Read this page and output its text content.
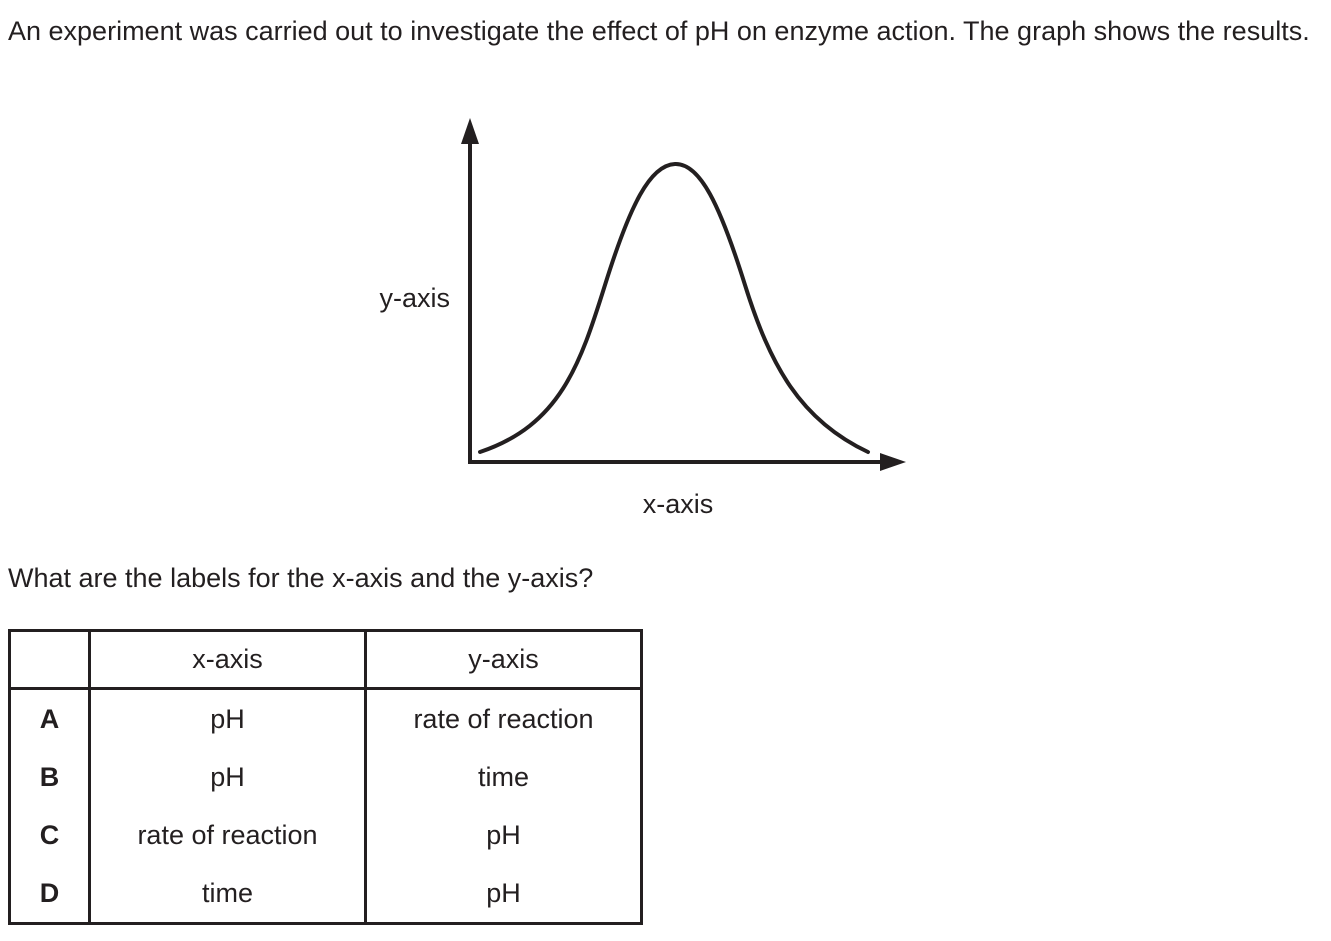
An experiment was carried out to investigate the effect of pH on enzyme action. The graph shows the results.

y-axis
x-axis

What are the labels for the x-axis and the y-axis?

	x-axis	y-axis
A	pH	rate of reaction
B	pH	time
C	rate of reaction	pH
D	time	pH
